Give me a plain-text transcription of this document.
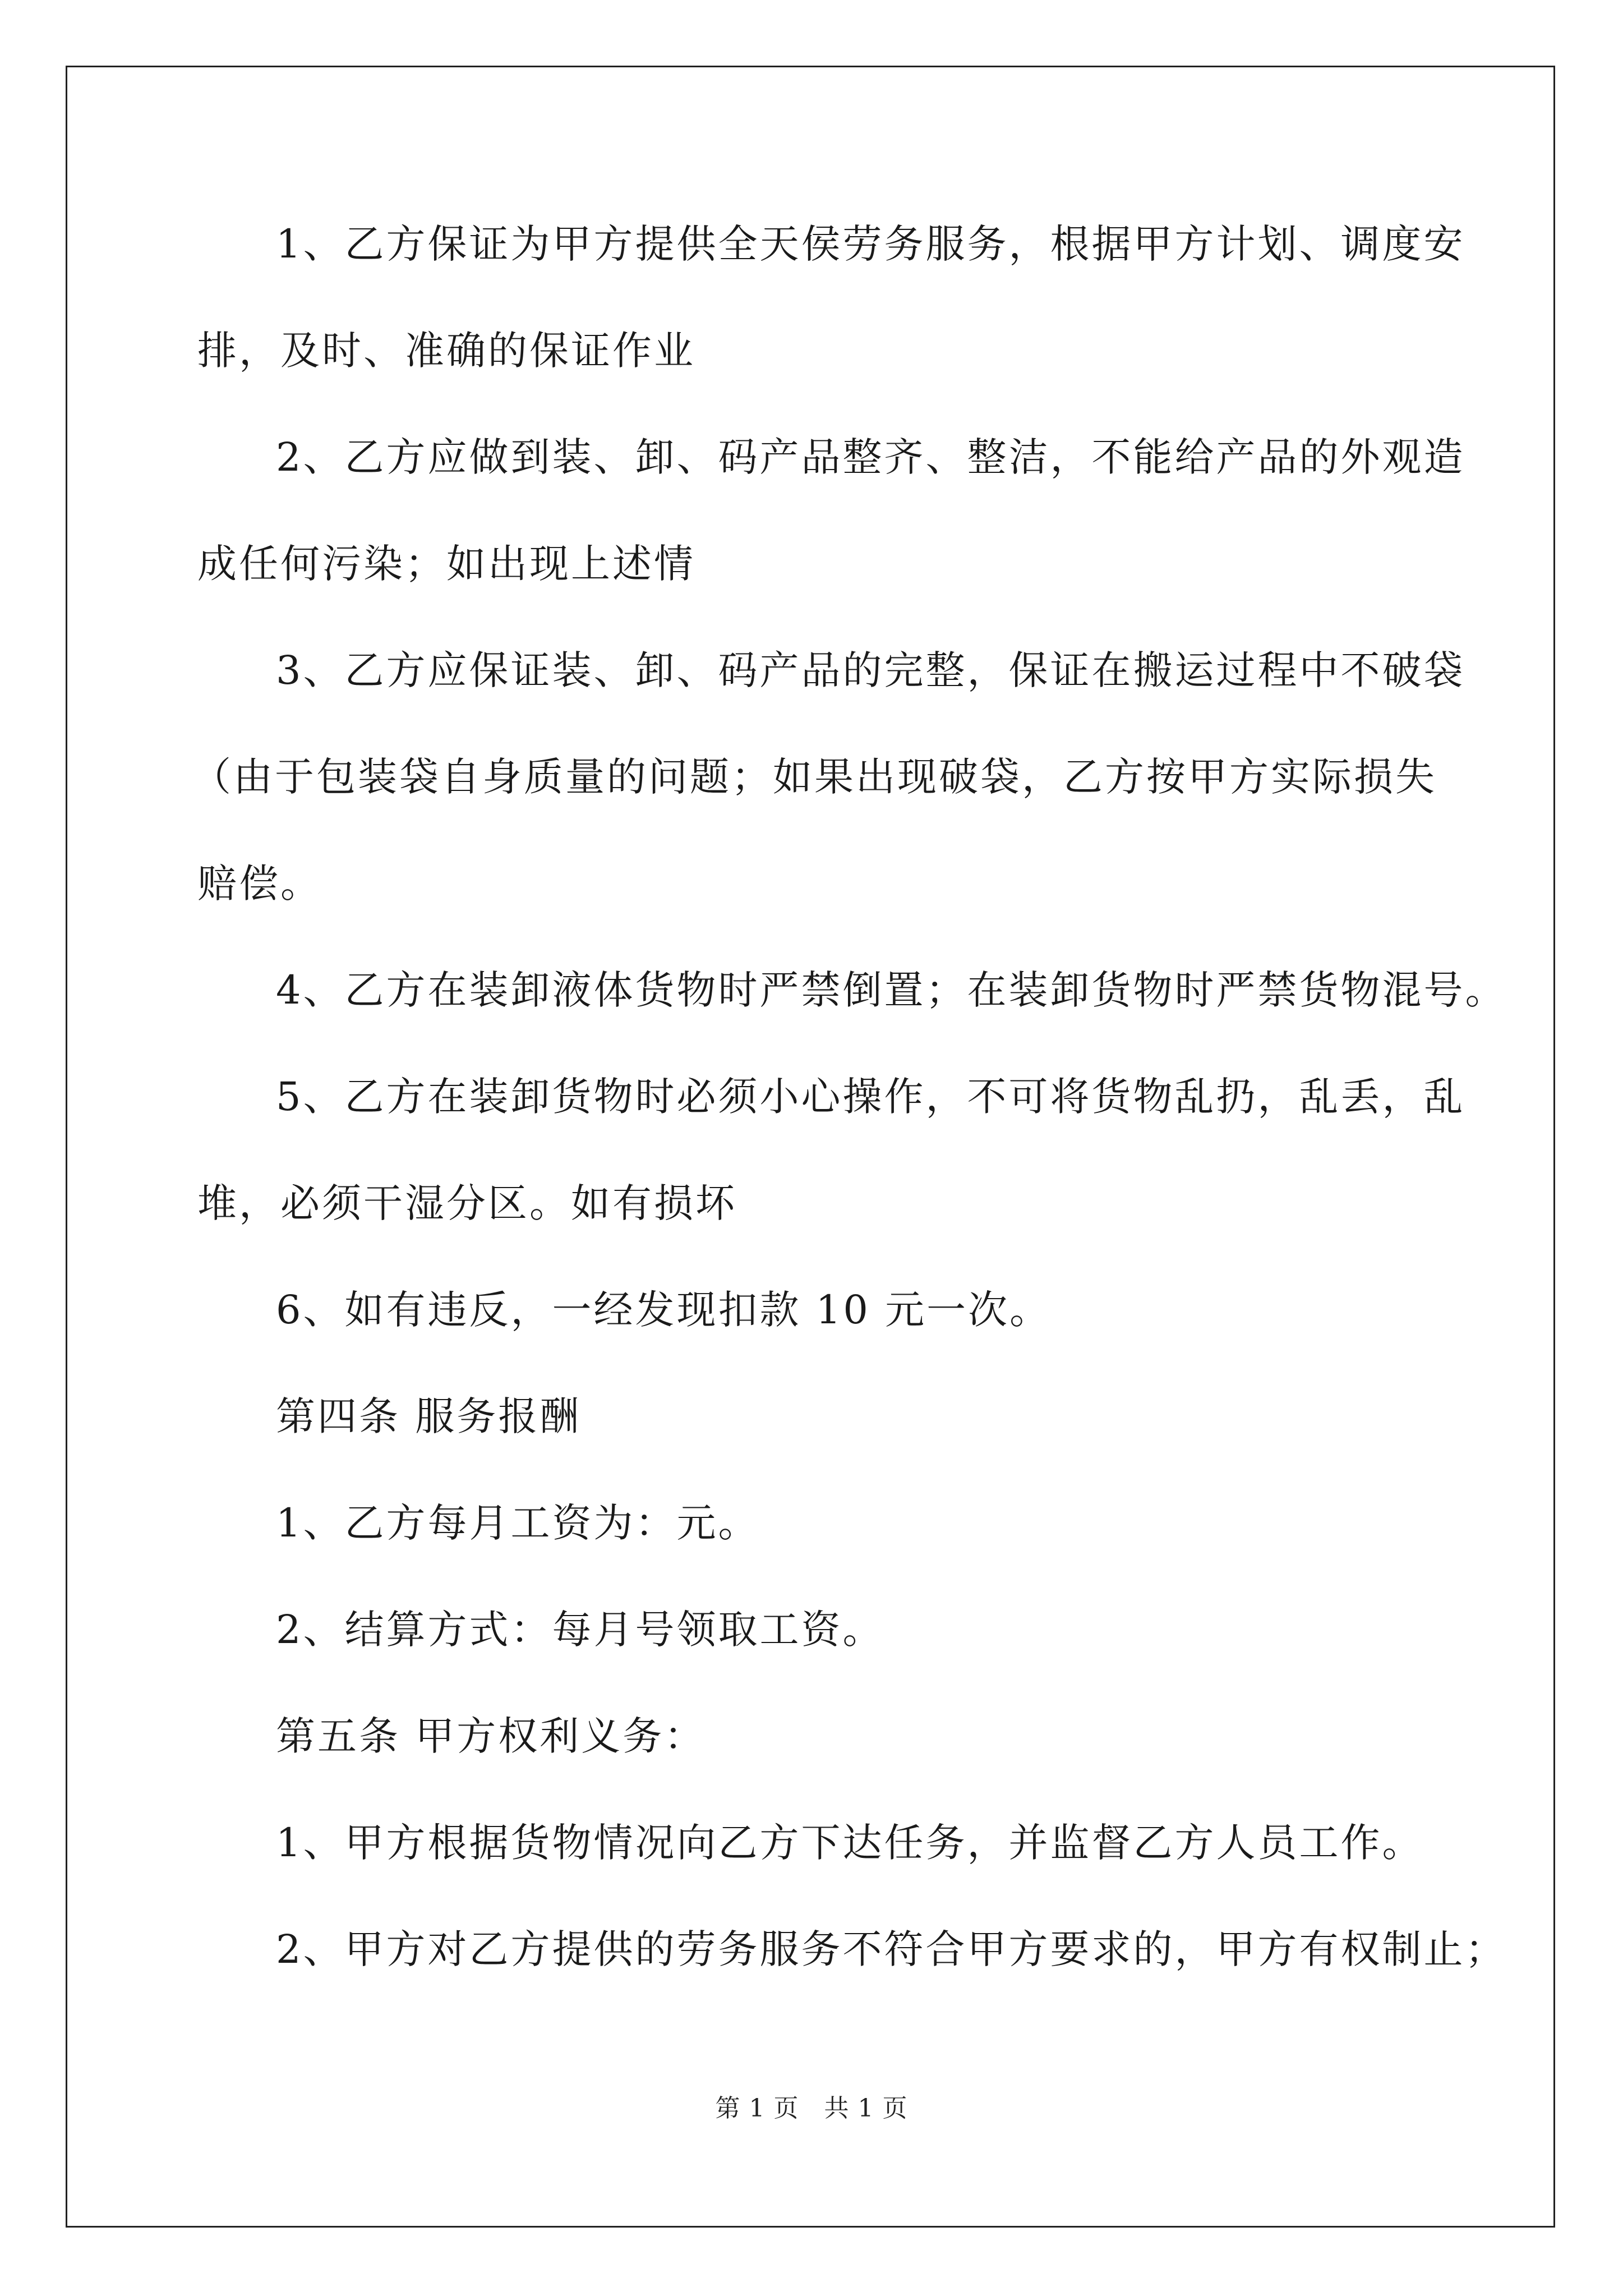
1、乙方保证为甲方提供全天侯劳务服务，根据甲方计划、调度安
排，及时、准确的保证作业
2、乙方应做到装、卸、码产品整齐、整洁，不能给产品的外观造
成任何污染；如出现上述情
3、乙方应保证装、卸、码产品的完整，保证在搬运过程中不破袋
（由于包装袋自身质量的问题；如果出现破袋，乙方按甲方实际损失
赔偿。
4、乙方在装卸液体货物时严禁倒置；在装卸货物时严禁货物混号。
5、乙方在装卸货物时必须小心操作，不可将货物乱扔，乱丢，乱
堆，必须干湿分区。如有损坏
6、如有违反，一经发现扣款 10 元一次。
第四条 服务报酬
1、乙方每月工资为：元。
2、结算方式：每月号领取工资。
第五条 甲方权利义务：
1、甲方根据货物情况向乙方下达任务，并监督乙方人员工作。
2、甲方对乙方提供的劳务服务不符合甲方要求的，甲方有权制止；
第 1 页　共 1 页
